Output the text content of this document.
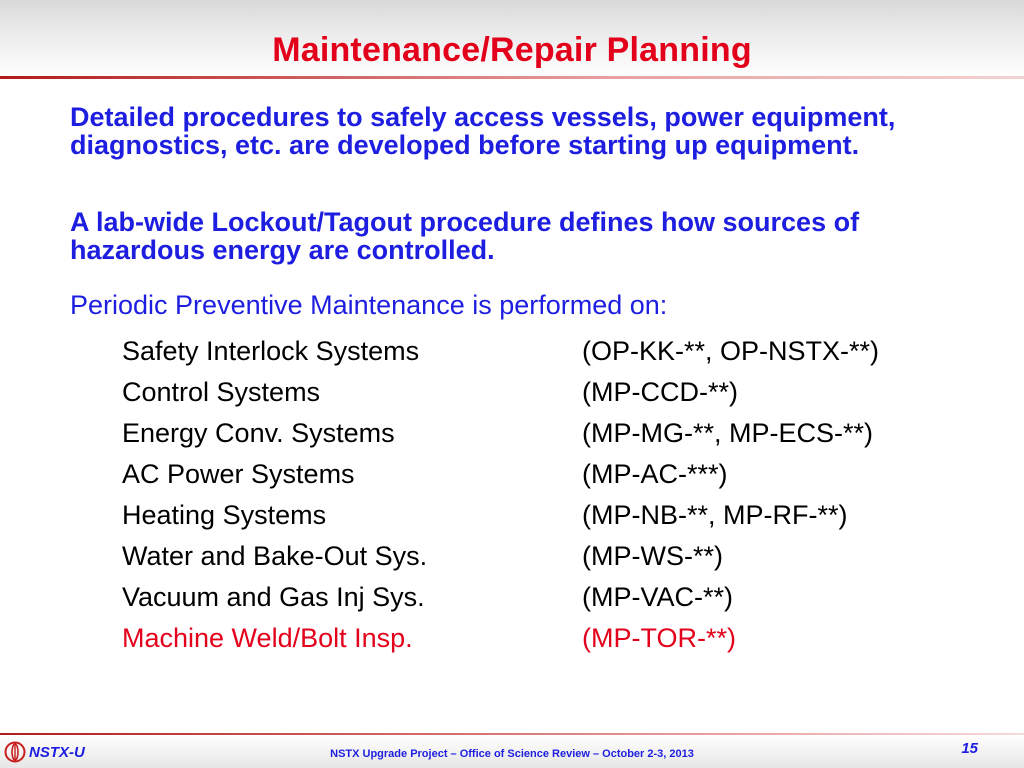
Maintenance/Repair Planning
Detailed procedures to safely access vessels, power equipment, diagnostics, etc. are developed before starting up equipment.
A lab-wide Lockout/Tagout procedure defines how sources of hazardous energy are controlled.
Periodic Preventive Maintenance is performed on:
Safety Interlock Systems	(OP-KK-**, OP-NSTX-**)
Control Systems	(MP-CCD-**)
Energy Conv. Systems	(MP-MG-**, MP-ECS-**)
AC Power Systems	(MP-AC-***)
Heating Systems	(MP-NB-**, MP-RF-**)
Water and Bake-Out Sys.	(MP-WS-**)
Vacuum and Gas Inj Sys.	(MP-VAC-**)
Machine Weld/Bolt Insp.	(MP-TOR-**)
NSTX-U	NSTX Upgrade Project – Office of Science Review – October 2-3, 2013	15
